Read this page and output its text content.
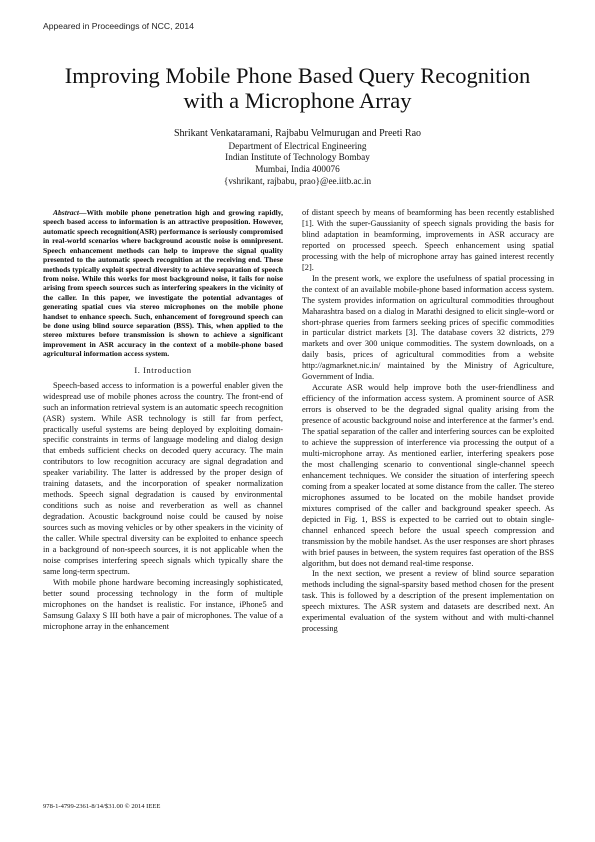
Appeared in Proceedings of NCC, 2014
Improving Mobile Phone Based Query Recognition
with a Microphone Array
Shrikant Venkataramani, Rajbabu Velmurugan and Preeti Rao
Department of Electrical Engineering
Indian Institute of Technology Bombay
Mumbai, India 400076
{vshrikant, rajbabu, prao}@ee.iitb.ac.in

Abstract—With mobile phone penetration high and growing rapidly, speech based access to information is an attractive proposition. However, automatic speech recognition(ASR) performance is seriously compromised in real-world scenarios where background acoustic noise is omnipresent. Speech enhancement methods can help to improve the signal quality presented to the automatic speech recognition at the receiving end. These methods typically exploit spectral diversity to achieve separation of speech from noise. While this works for most background noise, it fails for noise arising from speech sources such as interfering speakers in the vicinity of the caller. In this paper, we investigate the potential advantages of generating spatial cues via stereo microphones on the mobile phone handset to enhance speech. Such, enhancement of foreground speech can be done using blind source separation (BSS). This, when applied to the stereo mixtures before transmission is shown to achieve a significant improvement in ASR accuracy in the context of a mobile-phone based agricultural information access system.

I. Introduction

Speech-based access to information is a powerful enabler given the widespread use of mobile phones across the country. The front-end of such an information retrieval system is an automatic speech recognition (ASR) system. While ASR technology is still far from perfect, practically useful systems are being deployed by exploiting domain-specific constraints in terms of language modeling and dialog design that embeds sufficient checks on decoded query accuracy. The main contributors to low recognition accuracy are signal degradation and speaker variability. The latter is addressed by the proper design of training datasets, and the incorporation of speaker normalization methods. Speech signal degradation is caused by environmental conditions such as noise and reverberation as well as channel degradation. Acoustic background noise could be caused by noise sources such as moving vehicles or by other speakers in the vicinity of the caller. While spectral diversity can be exploited to enhance speech in a background of non-speech sources, it is not applicable when the noise comprises interfering speech signals which typically share the same long-term spectrum.

With mobile phone hardware becoming increasingly sophisticated, better sound processing technology in the form of multiple microphones on the handset is realistic. For instance, iPhone5 and Samsung Galaxy S III both have a pair of microphones. The value of a microphone array in the enhancement

of distant speech by means of beamforming has been recently established [1]. With the super-Gaussianity of speech signals providing the basis for blind adaptation in beamforming, improvements in ASR accuracy are reported on processed speech. Speech enhancement using spatial processing with the help of microphone array has gained interest recently [2].

In the present work, we explore the usefulness of spatial processing in the context of an available mobile-phone based information access system. The system provides information on agricultural commodities throughout Maharashtra based on a dialog in Marathi designed to elicit single-word or short-phrase queries from farmers seeking prices of specific commodities in particular district markets [3]. The database covers 32 districts, 279 markets and over 300 unique commodities. The system downloads, on a daily basis, prices of agricultural commodities from a website http://agmarknet.nic.in/ maintained by the Ministry of Agriculture, Government of India.

Accurate ASR would help improve both the user-friendliness and efficiency of the information access system. A prominent source of ASR errors is observed to be the degraded signal quality arising from the presence of acoustic background noise and interference at the farmer’s end. The spatial separation of the caller and interfering sources can be exploited to achieve the suppression of interference via processing the output of a multi-microphone array. As mentioned earlier, interfering speakers pose the most challenging scenario to conventional single-channel speech enhancement techniques. We consider the situation of interfering speech coming from a speaker located at some distance from the caller. The stereo microphones assumed to be located on the mobile handset provide mixtures comprised of the caller and background speaker speech. As depicted in Fig. 1, BSS is expected to be carried out to obtain single-channel enhanced speech before the usual speech compression and transmission by the mobile handset. As the user responses are short phrases with brief pauses in between, the system requires fast operation of the BSS algorithm, but does not demand real-time response.

In the next section, we present a review of blind source separation methods including the signal-sparsity based method chosen for the present task. This is followed by a description of the present implementation on speech mixtures. The ASR system and datasets are described next. An experimental evaluation of the system without and with multi-channel processing

978-1-4799-2361-8/14/$31.00 © 2014 IEEE
